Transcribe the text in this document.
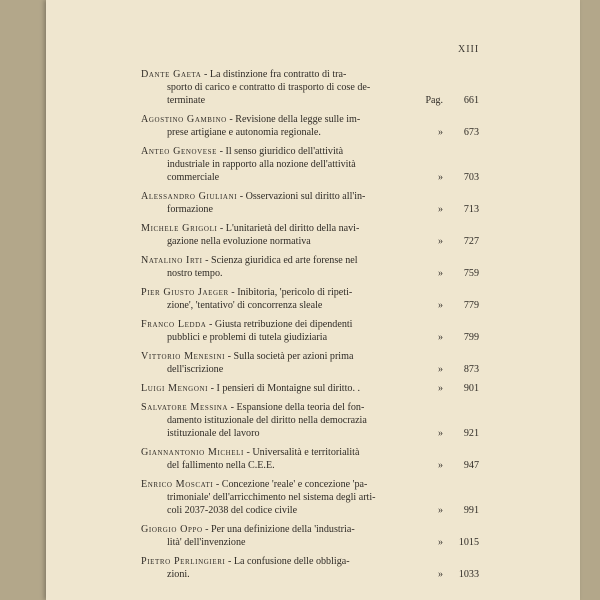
XIII
Dante Gaeta - La distinzione fra contratto di tra-
sporto di carico e contratto di trasporto di cose de-
terminate	Pag.	661
Agostino Gambino - Revisione della legge sulle im-
prese artigiane e autonomia regionale.	»	673
Anteo Genovese - Il senso giuridico dell'attività
industriale in rapporto alla nozione dell'attività
commerciale	»	703
Alessandro Giuliani - Osservazioni sul diritto all'in-
formazione	»	713
Michele Grigoli - L'unitarietà del diritto della navi-
gazione nella evoluzione normativa	»	727
Natalino Irti - Scienza giuridica ed arte forense nel
nostro tempo.	»	759
Pier Giusto Jaeger - Inibitoria, 'pericolo di ripeti-
zione', 'tentativo' di concorrenza sleale	»	779
Franco Ledda - Giusta retribuzione dei dipendenti
pubblici e problemi di tutela giudiziaria	»	799
Vittorio Menesini - Sulla società per azioni prima
dell'iscrizione	»	873
Luigi Mengoni - I pensieri di Montaigne sul diritto. .	»	901
Salvatore Messina - Espansione della teoria del fon-
damento istituzionale del diritto nella democrazia
istituzionale del lavoro	»	921
Giannantonio Micheli - Universalità e territorialità
del fallimento nella C.E.E.	»	947
Enrico Moscati - Concezione 'reale' e concezione 'pa-
trimoniale' dell'arricchimento nel sistema degli arti-
coli 2037-2038 del codice civile	»	991
Giorgio Oppo - Per una definizione della 'industria-
lità' dell'invenzione	»	1015
Pietro Perlingieri - La confusione delle obbliga-
zioni.	»	1033
